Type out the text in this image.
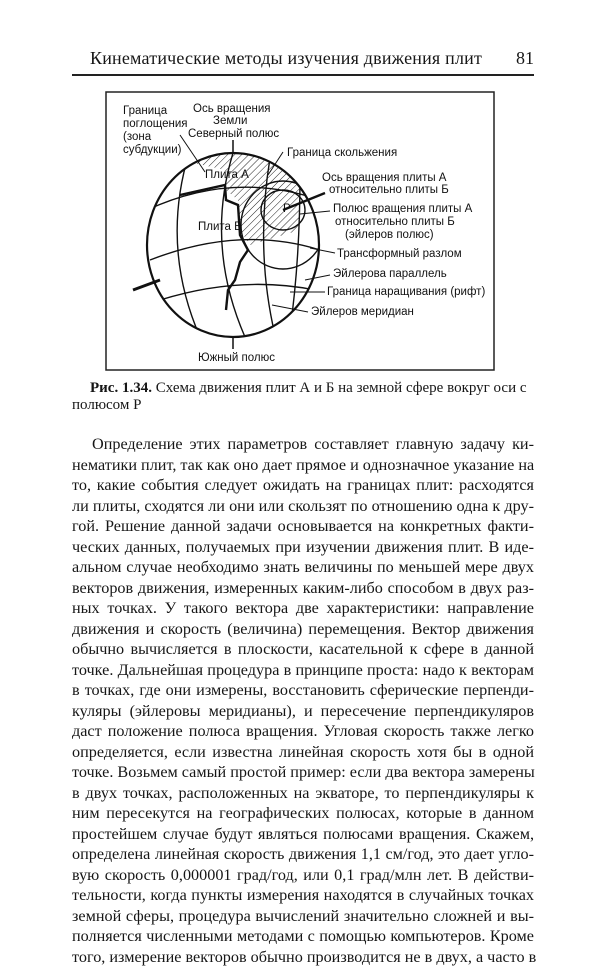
Кинематические методы изучения движения плит 81
P
Плита А
Плита Б
Граница
поглощения
(зона
субдукции)
Ось вращения
Земли
Северный полюс
Граница скольжения
Ось вращения плиты А
относительно плиты Б
Полюс вращения плиты А
относительно плиты Б
(эйлеров полюс)
Трансформный разлом
Эйлерова параллель
Граница наращивания (рифт)
Эйлеров меридиан
Южный полюс
Рис. 1.34. Схема движения плит А и Б на земной сфере вокруг оси с полюсом Р
Определение этих параметров составляет главную задачу ки-
нематики плит, так как оно дает прямое и однозначное указание на
то, какие события следует ожидать на границах плит: расходятся
ли плиты, сходятся ли они или скользят по отношению одна к дру-
гой. Решение данной задачи основывается на конкретных факти-
ческих данных, получаемых при изучении движения плит. В иде-
альном случае необходимо знать величины по меньшей мере двух
векторов движения, измеренных каким-либо способом в двух раз-
ных точках. У такого вектора две характеристики: направление
движения и скорость (величина) перемещения. Вектор движения
обычно вычисляется в плоскости, касательной к сфере в данной
точке. Дальнейшая процедура в принципе проста: надо к векторам
в точках, где они измерены, восстановить сферические перпенди-
куляры (эйлеровы меридианы), и пересечение перпендикуляров
даст положение полюса вращения. Угловая скорость также легко
определяется, если известна линейная скорость хотя бы в одной
точке. Возьмем самый простой пример: если два вектора замерены
в двух точках, расположенных на экваторе, то перпендикуляры к
ним пересекутся на географических полюсах, которые в данном
простейшем случае будут являться полюсами вращения. Скажем,
определена линейная скорость движения 1,1 см/год, это дает угло-
вую скорость 0,000001 град/год, или 0,1 град/млн лет. В действи-
тельности, когда пункты измерения находятся в случайных точках
земной сферы, процедура вычислений значительно сложней и вы-
полняется численными методами с помощью компьютеров. Кроме
того, измерение векторов обычно производится не в двух, а часто в
